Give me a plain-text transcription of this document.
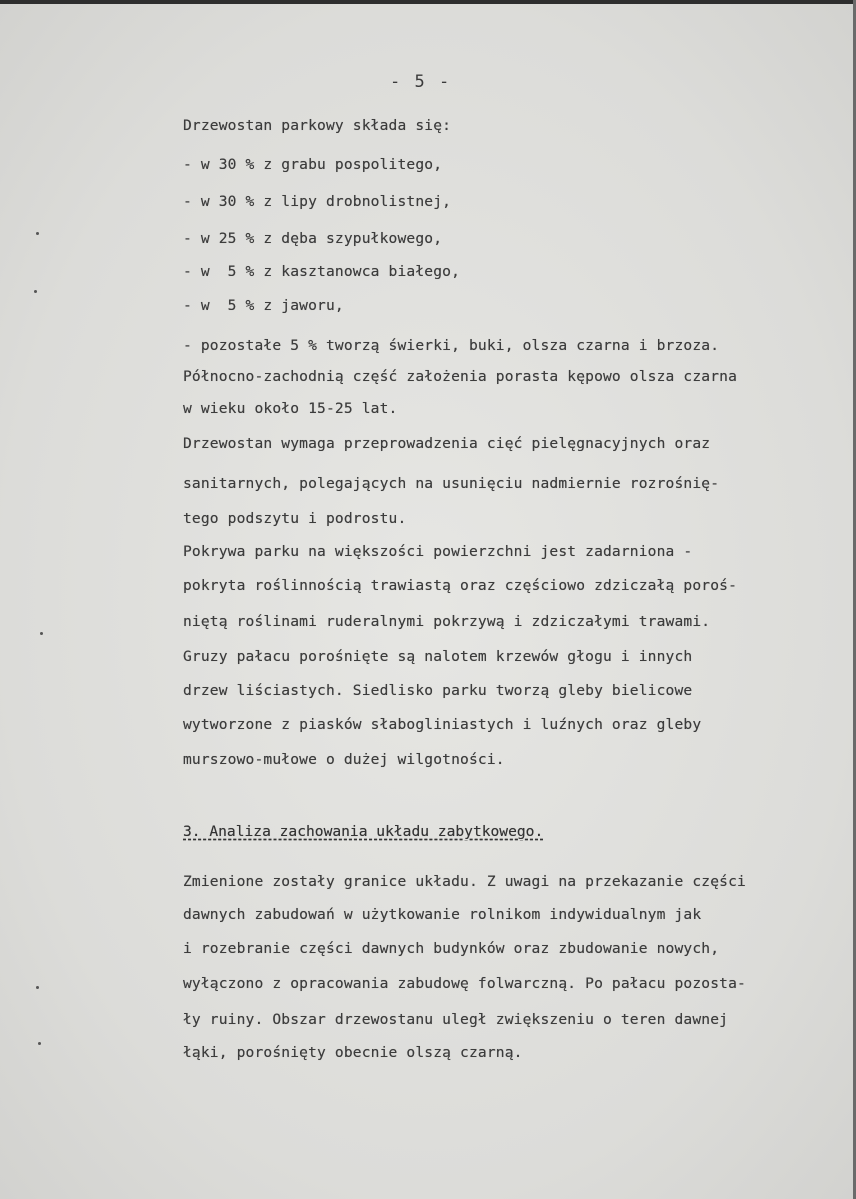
- 5 -
Drzewostan parkowy składa się:
- w 30 % z grabu pospolitego,
- w 30 % z lipy drobnolistnej,
- w 25 % z dęba szypułkowego,
- w  5 % z kasztanowca białego,
- w  5 % z jaworu,
- pozostałe 5 % tworzą świerki, buki, olsza czarna i brzoza.
Północno-zachodnią część założenia porasta kępowo olsza czarna
w wieku około 15-25 lat.
Drzewostan wymaga przeprowadzenia cięć pielęgnacyjnych oraz
sanitarnych, polegających na usunięciu nadmiernie rozrośnię-
tego podszytu i podrostu.
Pokrywa parku na większości powierzchni jest zadarniona -
pokryta roślinnością trawiastą oraz częściowo zdziczałą poroś-
niętą roślinami ruderalnymi pokrzywą i zdziczałymi trawami.
Gruzy pałacu porośnięte są nalotem krzewów głogu i innych
drzew liściastych. Siedlisko parku tworzą gleby bielicowe
wytworzone z piasków słabogliniastych i luźnych oraz gleby
murszowo-mułowe o dużej wilgotności.
3. Analiza zachowania układu zabytkowego.
Zmienione zostały granice układu. Z uwagi na przekazanie części
dawnych zabudowań w użytkowanie rolnikom indywidualnym jak
i rozebranie części dawnych budynków oraz zbudowanie nowych,
wyłączono z opracowania zabudowę folwarczną. Po pałacu pozosta-
ły ruiny. Obszar drzewostanu uległ zwiększeniu o teren dawnej
łąki, porośnięty obecnie olszą czarną.
